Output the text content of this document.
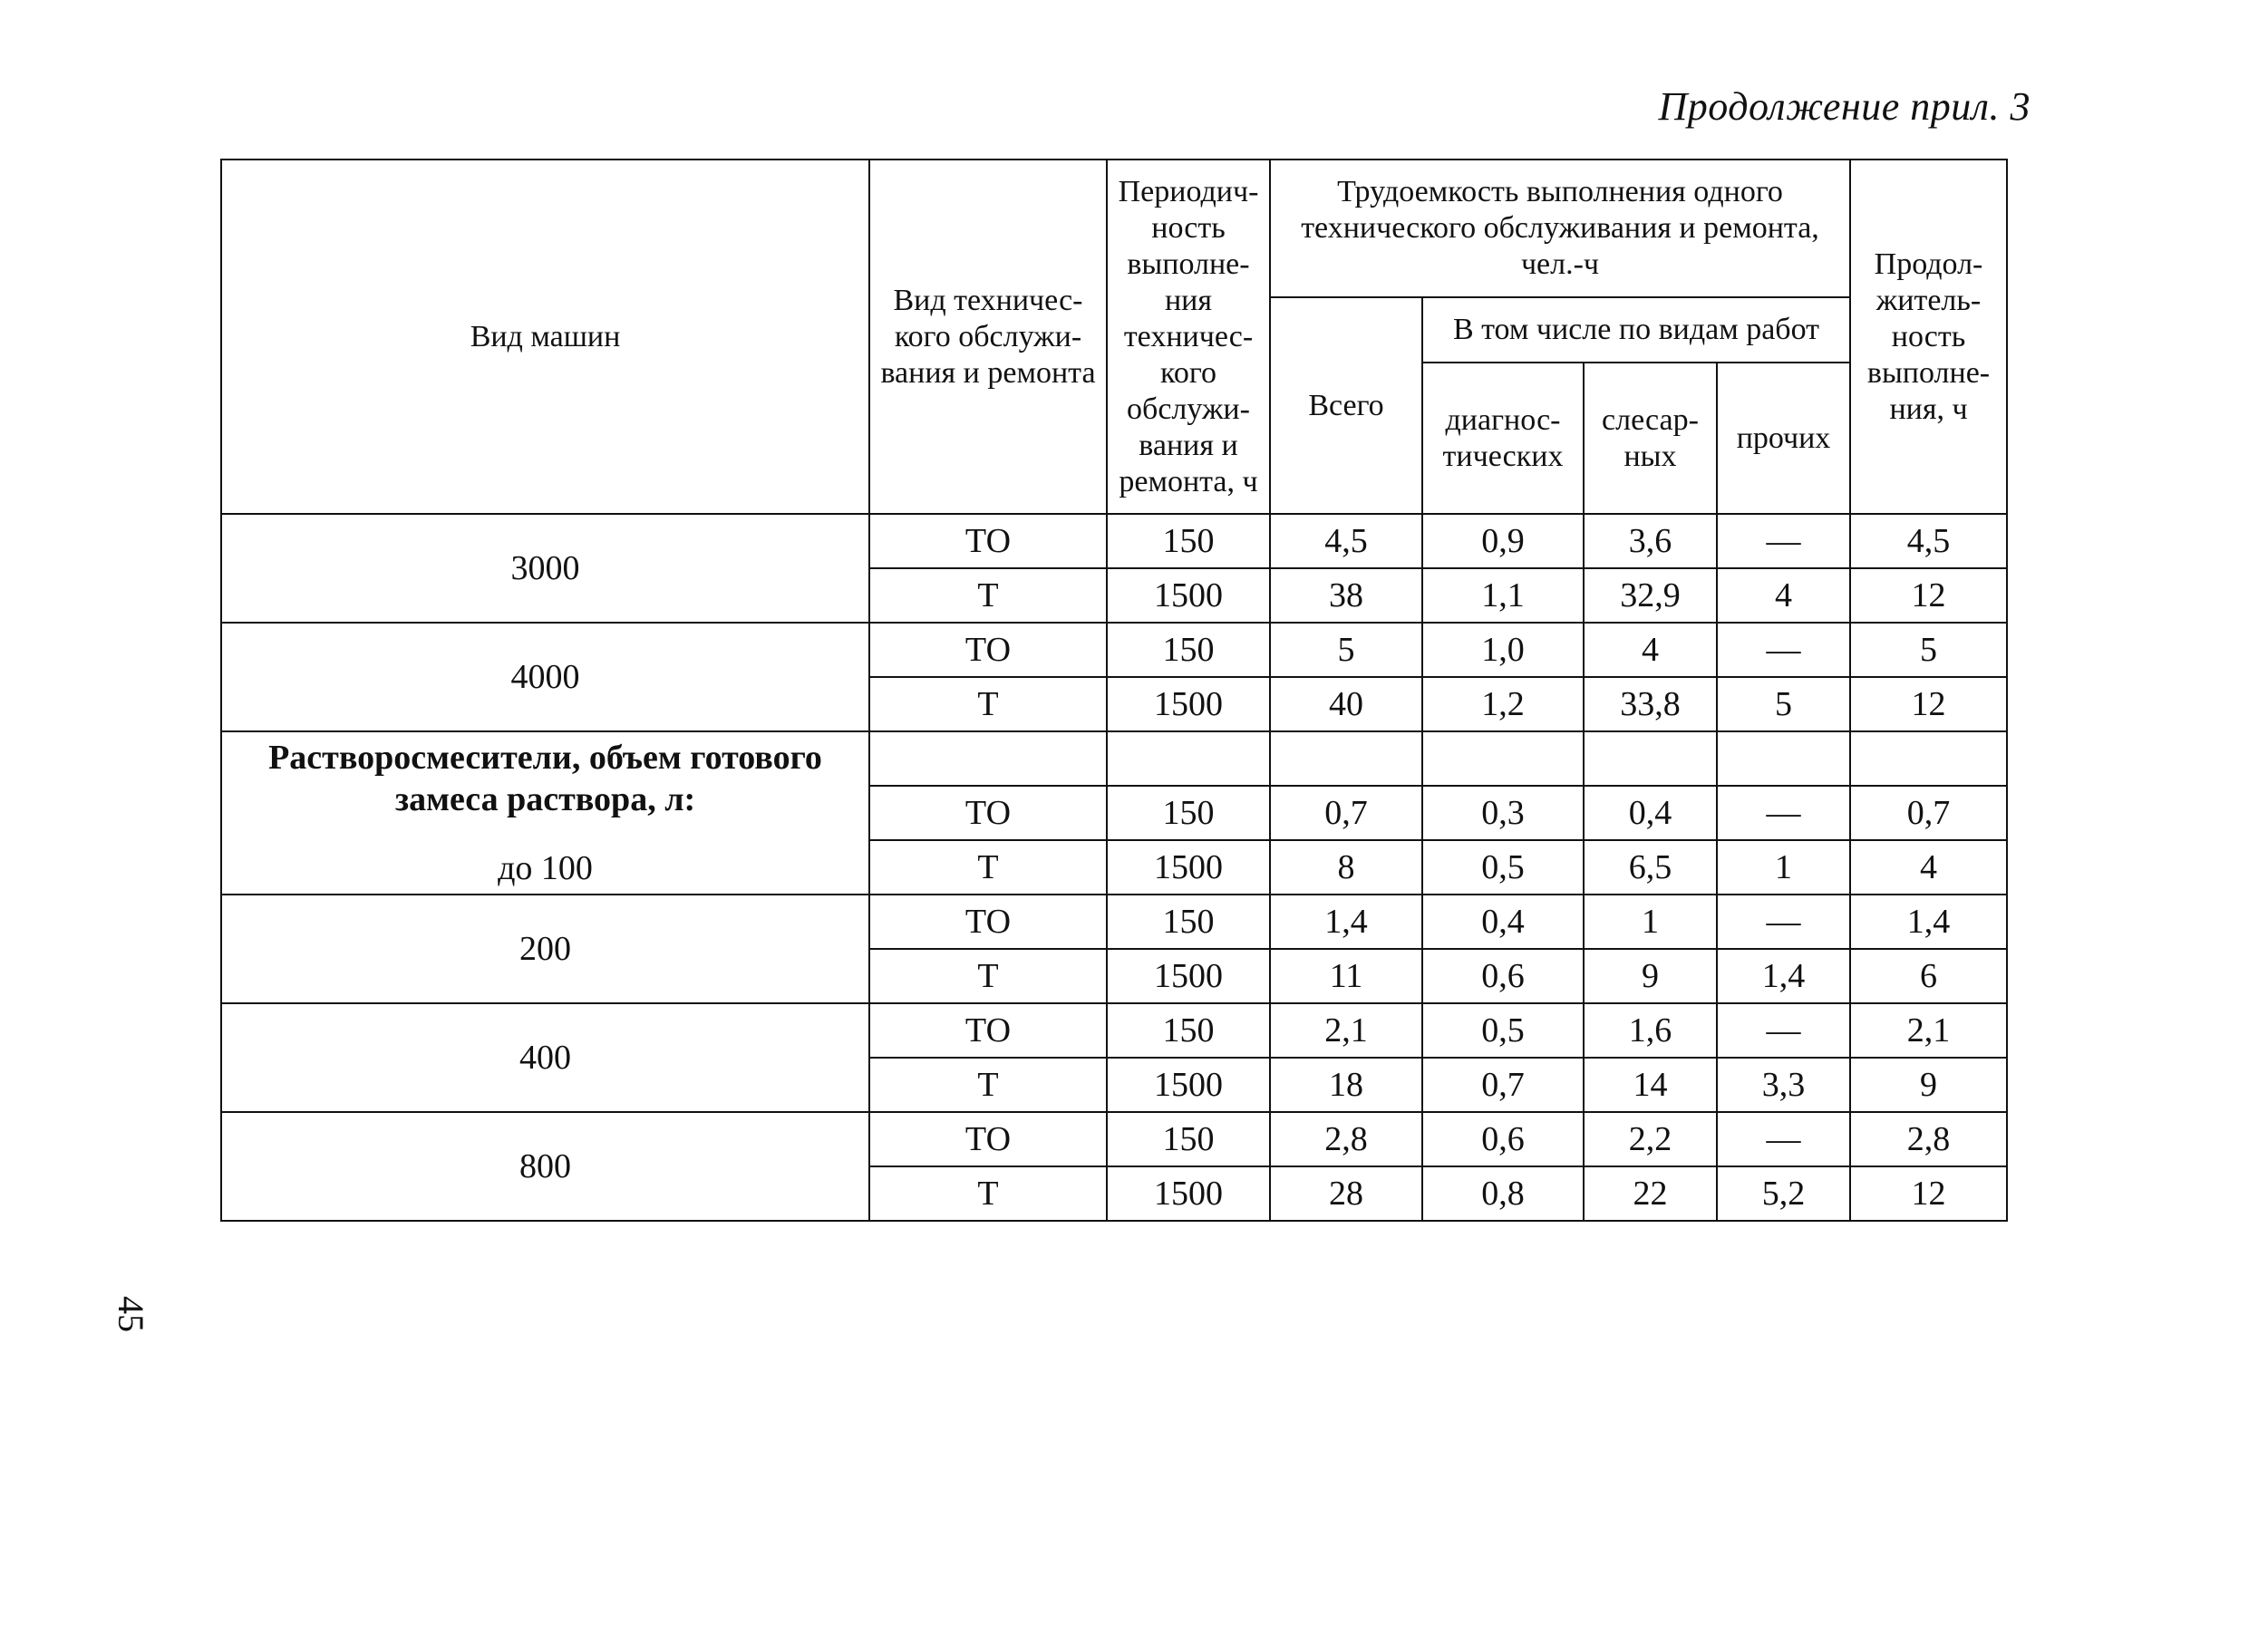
Продолжение прил. 3
45
Вид машин	Вид техничес-кого обслужи-вания и ремонта	Периодич-ность выполне-ния техничес-кого обслужи-вания и ремонта, ч	Трудоемкость выполнения одного технического обслуживания и ремонта, чел.-ч				Продол-житель-ность выполне-ния, ч
			Всего	В том числе по видам работ			
				диагнос-тических	слесар-ных	прочих	
3000	ТО	150	4,5	0,9	3,6	—	4,5
	Т	1500	38	1,1	32,9	4	12
4000	ТО	150	5	1,0	4	—	5
	Т	1500	40	1,2	33,8	5	12
Растворосмесители, объем готового замеса раствора, л:
до 100							

	ТО	150	0,7	0,3	0,4	—	0,7
	Т	1500	8	0,5	6,5	1	4
200	ТО	150	1,4	0,4	1	—	1,4
	Т	1500	11	0,6	9	1,4	6
400	ТО	150	2,1	0,5	1,6	—	2,1
	Т	1500	18	0,7	14	3,3	9
800	ТО	150	2,8	0,6	2,2	—	2,8
	Т	1500	28	0,8	22	5,2	12
